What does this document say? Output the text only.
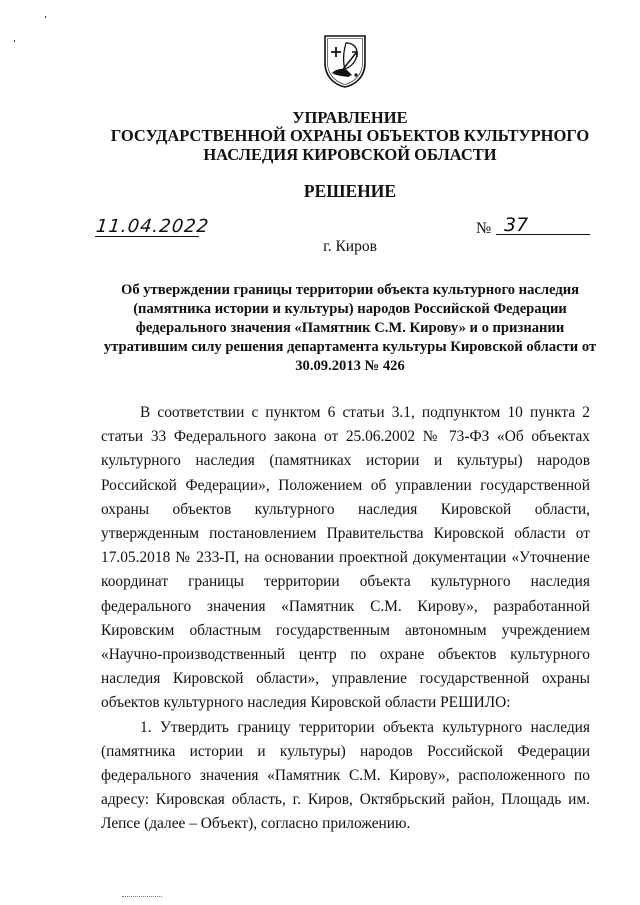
УПРАВЛЕНИЕ
ГОСУДАРСТВЕННОЙ ОХРАНЫ ОБЪЕКТОВ КУЛЬТУРНОГО
НАСЛЕДИЯ КИРОВСКОЙ ОБЛАСТИ
РЕШЕНИЕ
11.04.2022	№ 37
г. Киров
Об утверждении границы территории объекта культурного наследия (памятника истории и культуры) народов Российской Федерации федерального значения «Памятник С.М. Кирову» и о признании утратившим силу решения департамента культуры Кировской области от 30.09.2013 № 426

В соответствии с пунктом 6 статьи 3.1, подпунктом 10 пункта 2 статьи 33 Федерального закона от 25.06.2002 № 73-ФЗ «Об объектах культурного наследия (памятниках истории и культуры) народов Российской Федерации», Положением об управлении государственной охраны объектов культурного наследия Кировской области, утвержденным постановлением Правительства Кировской области от 17.05.2018 № 233-П, на основании проектной документации «Уточнение координат границы территории объекта культурного наследия федерального значения «Памятник С.М. Кирову», разработанной Кировским областным государственным автономным учреждением «Научно-производственный центр по охране объектов культурного наследия Кировской области», управление государственной охраны объектов культурного наследия Кировской области РЕШИЛО:

1. Утвердить границу территории объекта культурного наследия (памятника истории и культуры) народов Российской Федерации федерального значения «Памятник С.М. Кирову», расположенного по адресу: Кировская область, г. Киров, Октябрьский район, Площадь им. Лепсе (далее – Объект), согласно приложению.
